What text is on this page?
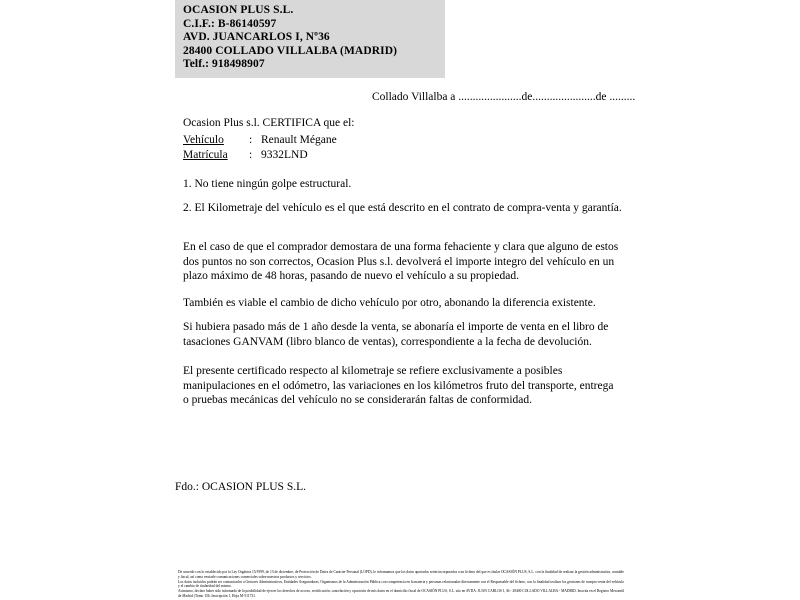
OCASION PLUS S.L.
C.I.F.: B-86140597
AVD. JUANCARLOS I, Nº36
28400 COLLADO VILLALBA (MADRID)
Telf.: 918498907
Collado Villalba a ......................de......................de .........
Ocasion Plus s.l. CERTIFICA que el:
Vehículo	: Renault Mégane
Matrícula	: 9332LND
1. No tiene ningún golpe estructural.
2. El Kilometraje del vehículo es el que está descrito en el contrato de compra-venta y garantía.
En el caso de que el comprador demostara de una forma fehaciente y clara que alguno de estos dos puntos no son correctos, Ocasion Plus s.l. devolverá el importe integro del vehículo en un plazo máximo de 48 horas, pasando de nuevo el vehículo a su propiedad.
También es viable el cambio de dicho vehículo por otro, abonando la diferencia existente.
Si hubiera pasado más de 1 año desde la venta, se abonaría el importe de venta en el libro de tasaciones GANVAM (libro blanco de ventas), correspondiente a la fecha de devolución.
El presente certificado respecto al kilometraje se refiere exclusivamente a posibles manipulaciones en el odómetro, las variaciones en los kilómetros fruto del transporte, entrega o pruebas mecánicas del vehículo no se considerarán faltas de conformidad.
Fdo.: OCASION PLUS S.L.

De acuerdo con lo establecido por la Ley Orgánica 15/1999, de 13 de diciembre, de Protección de Datos de Carácter Personal (LOPD), le informamos que los datos aportados serán incorporados a un fichero del que es titular OCASIÓN PLUS, S.L. con la finalidad de realizar la gestión administrativa, contable y fiscal, así como enviarle comunicaciones comerciales sobre nuestros productos y servicios.

Los datos incluidos podrán ser comunicados a Gestores Administrativos, Entidades Aseguradoras, Organismos de la Administración Pública con competencia en la materia y personas relacionadas directamente con el Responsable del fichero, con la finalidad realizar los gestiones de compra venta del vehículo y el cambio de titularidad del mismo.

Asimismo, declaro haber sido informado de la posibilidad de ejercer los derechos de acceso, rectificación, cancelación y oposición de mis datos en el domicilio fiscal de OCASIÓN PLUS, S.L. sito en AVDA. JUAN CARLOS I, 36 - 28400 COLLADO VILLALBA - MADRID. Inscrita en el Registro Mercantil de Madrid (Tomo 156, Inscripción 1, Hoja M-511731.
